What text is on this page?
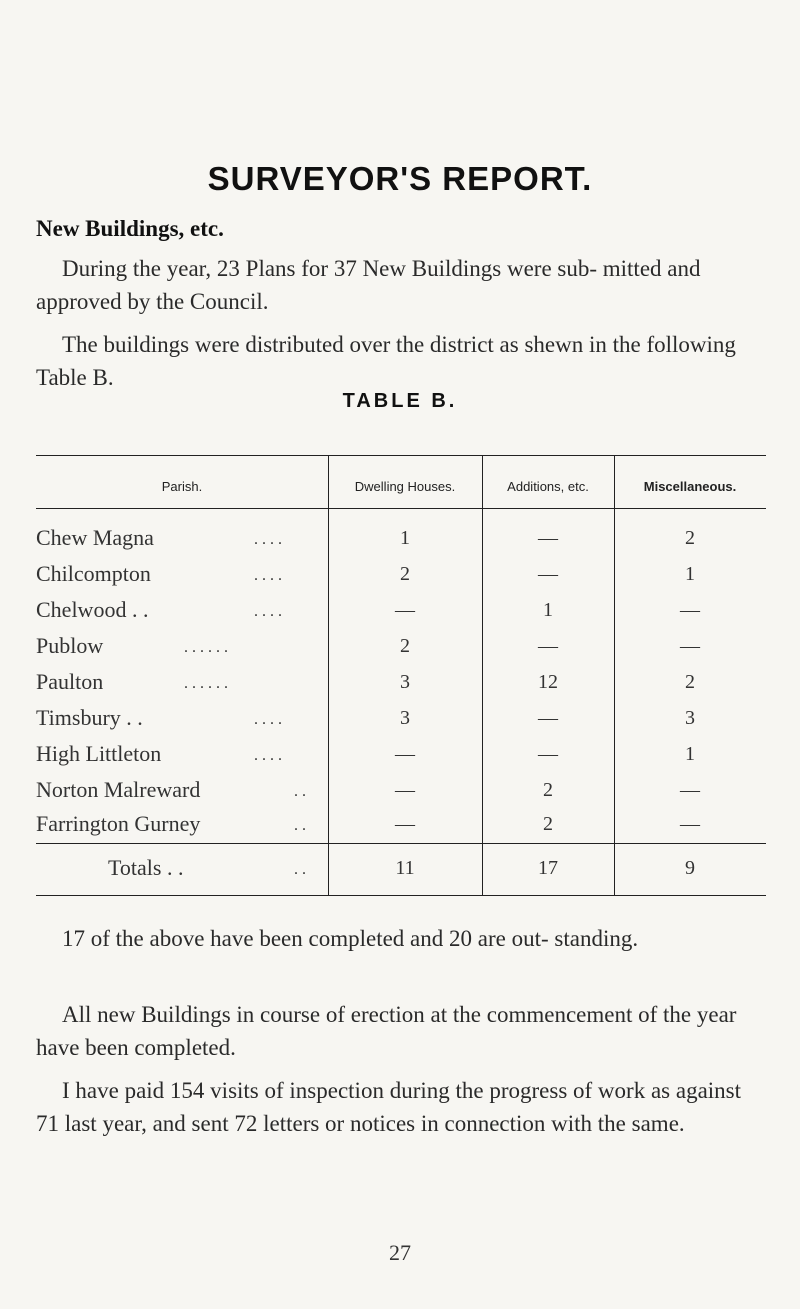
SURVEYOR'S REPORT.
New Buildings, etc.
During the year, 23 Plans for 37 New Buildings were sub- mitted and approved by the Council.
The buildings were distributed over the district as shewn in the following Table B.
TABLE B.
Parish.	Dwelling Houses.	Additions, etc.	Miscellaneous.
Chew Magna	. . . .	1	—	2
Chilcompton	. . . .	2	—	1
Chelwood . .	. . . .	—	1	—
Publow	. . . . . .	2	—	—
Paulton	. . . . . .	3	12	2
Timsbury . .	. . . .	3	—	3
High Littleton	. . . .	—	—	1
Norton Malreward	. .	—	2	—
Farrington Gurney	. .	—	2	—
Totals . .	. .	11	17	9
17 of the above have been completed and 20 are out- standing.
All new Buildings in course of erection at the commencement of the year have been completed.
I have paid 154 visits of inspection during the progress of work as against 71 last year, and sent 72 letters or notices in connection with the same.
27
